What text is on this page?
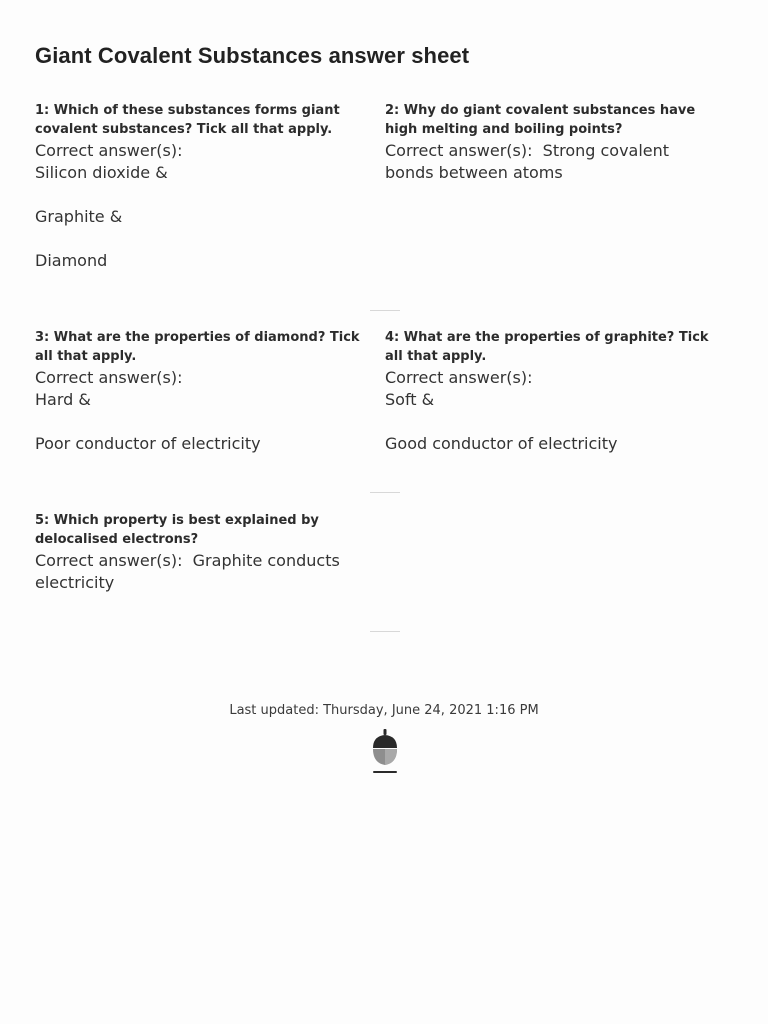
Giant Covalent Substances answer sheet
1: Which of these substances forms giant covalent substances? Tick all that apply.
Correct answer(s):
Silicon dioxide &
Graphite &
Diamond
2: Why do giant covalent substances have high melting and boiling points?
Correct answer(s):  Strong covalent bonds between atoms
3: What are the properties of diamond? Tick all that apply.
Correct answer(s):
Hard &
Poor conductor of electricity
4: What are the properties of graphite? Tick all that apply.
Correct answer(s):
Soft &
Good conductor of electricity
5: Which property is best explained by delocalised electrons?
Correct answer(s):  Graphite conducts electricity
Last updated: Thursday, June 24, 2021 1:16 PM
